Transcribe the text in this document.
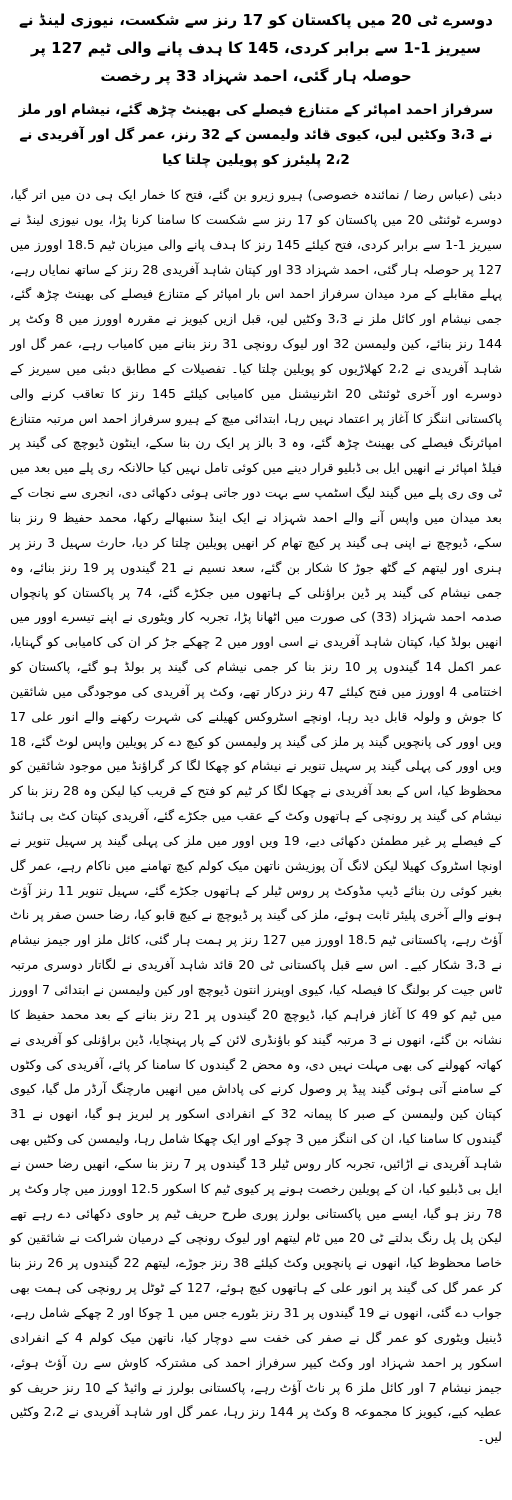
دوسرے ٹی 20 میں پاکستان کو 17 رنز سے شکست، نیوزی لینڈ نے سیریز 1-1 سے برابر کردی، 145 کا ہدف پانے والی ٹیم 127 پر حوصلہ ہار گئی، احمد شہزاد 33 پر رخصت
سرفراز احمد امپائر کے متنازع فیصلے کی بھینٹ چڑھ گئے، نیشام اور ملز نے 3،3 وکٹیں لیں، کیوی قائد ولیمسن کے 32 رنز، عمر گل اور آفریدی نے 2،2 پلیئرز کو پویلین چلتا کیا

دبئی (عباس رضا / نمائندہ خصوصی) ہیرو زیرو بن گئے، فتح کا خمار ایک ہی دن میں اتر گیا، دوسرے ٹوئنٹی 20 میں پاکستان کو 17 رنز سے شکست کا سامنا کرنا پڑا، یوں نیوزی لینڈ نے سیریز 1-1 سے برابر کردی، فتح کیلئے 145 رنز کا ہدف پانے والی میزبان ٹیم 18.5 اوورز میں 127 پر حوصلہ ہار گئی، احمد شہزاد 33 اور کپتان شاہد آفریدی 28 رنز کے ساتھ نمایاں رہے، پہلے مقابلے کے مرد میدان سرفراز احمد اس بار امپائر کے متنازع فیصلے کی بھینٹ چڑھ گئے، جمی نیشام اور کائل ملز نے 3،3 وکٹیں لیں، قبل ازیں کیویز نے مقررہ اوورز میں 8 وکٹ پر 144 رنز بنائے، کین ولیمسن 32 اور لیوک رونچی 31 رنز بنانے میں کامیاب رہے، عمر گل اور شاہد آفریدی نے 2،2 کھلاڑیوں کو پویلین چلتا کیا۔ تفصیلات کے مطابق دبئی میں سیریز کے دوسرے اور آخری ٹوئنٹی 20 انٹرنیشنل میں کامیابی کیلئے 145 رنز کا تعاقب کرنے والی پاکستانی اننگز کا آغاز پر اعتماد نہیں رہا، ابتدائی میچ کے ہیرو سرفراز احمد اس مرتبہ متنازع امپائرنگ فیصلے کی بھینٹ چڑھ گئے، وہ 3 بالز پر ایک رن بنا سکے، اینٹون ڈیوچچ کی گیند پر فیلڈ امپائر نے انھیں ایل بی ڈبلیو قرار دینے میں کوئی تامل نہیں کیا حالانکہ ری پلے میں بعد میں ٹی وی ری پلے میں گیند لیگ اسٹمپ سے بہت دور جاتی ہوئی دکھائی دی، انجری سے نجات کے بعد میدان میں واپس آنے والے احمد شہزاد نے ایک اینڈ سنبھالے رکھا، محمد حفیظ 9 رنز بنا سکے، ڈیوچچ نے اپنی ہی گیند پر کیچ تھام کر انھیں پویلین چلتا کر دیا، حارث سہیل 3 رنز پر ہنری اور لیتھم کے گٹھ جوڑ کا شکار بن گئے، سعد نسیم نے 21 گیندوں پر 19 رنز بنائے، وہ جمی نیشام کی گیند پر ڈین براؤنلی کے ہاتھوں میں جکڑے گئے، 74 پر پاکستان کو پانچواں صدمہ احمد شہزاد (33) کی صورت میں اٹھانا پڑا، تجربہ کار ویٹوری نے اپنے تیسرے اوور میں انھیں بولڈ کیا، کپتان شاہد آفریدی نے اسی اوور میں 2 چھکے جڑ کر ان کی کامیابی کو گہنایا، عمر اکمل 14 گیندوں پر 10 رنز بنا کر جمی نیشام کی گیند پر بولڈ ہو گئے، پاکستان کو اختتامی 4 اوورز میں فتح کیلئے 47 رنز درکار تھے، وکٹ پر آفریدی کی موجودگی میں شائقین کا جوش و ولولہ قابل دید رہا، اونچے اسٹروکس کھیلنے کی شہرت رکھنے والے انور علی 17 ویں اوور کی پانچویں گیند پر ملز کی گیند پر ولیمسن کو کیچ دے کر پویلین واپس لوٹ گئے، 18 ویں اوور کی پہلی گیند پر سہیل تنویر نے نیشام کو چھکا لگا کر گراؤنڈ میں موجود شائقین کو محظوظ کیا، اس کے بعد آفریدی نے چھکا لگا کر ٹیم کو فتح کے قریب کیا لیکن وہ 28 رنز بنا کر نیشام کی گیند پر رونچی کے ہاتھوں وکٹ کے عقب میں جکڑے گئے، آفریدی کپتان کٹ بی ہائنڈ کے فیصلے پر غیر مطمئن دکھائی دیے، 19 ویں اوور میں ملز کی پہلی گیند پر سہیل تنویر نے اونچا اسٹروک کھیلا لیکن لانگ آن پوزیشن ناتھن میک کولم کیچ تھامنے میں ناکام رہے، عمر گل بغیر کوئی رن بنائے ڈیپ مڈوکٹ پر روس ٹیلر کے ہاتھوں جکڑے گئے، سہیل تنویر 11 رنز آؤٹ ہونے والے آخری پلیئر ثابت ہوئے، ملز کی گیند پر ڈیوچچ نے کیچ قابو کیا، رضا حسن صفر پر ناٹ آؤٹ رہے، پاکستانی ٹیم 18.5 اوورز میں 127 رنز پر ہمت ہار گئی، کائل ملز اور جیمز نیشام نے 3،3 شکار کیے۔ اس سے قبل پاکستانی ٹی 20 قائد شاہد آفریدی نے لگاتار دوسری مرتبہ ٹاس جیت کر بولنگ کا فیصلہ کیا، کیوی اوپنرز انتون ڈیوچچ اور کین ولیمسن نے ابتدائی 7 اوورز میں ٹیم کو 49 کا آغاز فراہم کیا، ڈیوچچ 20 گیندوں پر 21 رنز بنانے کے بعد محمد حفیظ کا نشانہ بن گئے، انھوں نے 3 مرتبہ گیند کو باؤنڈری لائن کے پار پہنچایا، ڈین براؤنلی کو آفریدی نے کھاتہ کھولنے کی بھی مہلت نہیں دی، وہ محض 2 گیندوں کا سامنا کر پائے، آفریدی کی وکٹوں کے سامنے آتی ہوئی گیند پیڈ پر وصول کرنے کی پاداش میں انھیں مارچنگ آرڈر مل گیا، کیوی کپتان کین ولیمسن کے صبر کا پیمانہ 32 کے انفرادی اسکور پر لبریز ہو گیا، انھوں نے 31 گیندوں کا سامنا کیا، ان کی اننگز میں 3 چوکے اور ایک چھکا شامل رہا، ولیمسن کی وکٹیں بھی شاہد آفریدی نے اڑائیں، تجربہ کار روس ٹیلر 13 گیندوں پر 7 رنز بنا سکے، انھیں رضا حسن نے ایل بی ڈبلیو کیا، ان کے پویلین رخصت ہونے پر کیوی ٹیم کا اسکور 12.5 اوورز میں چار وکٹ پر 78 رنز ہو گیا، ایسے میں پاکستانی بولرز پوری طرح حریف ٹیم پر حاوی دکھائی دے رہے تھے لیکن پل پل رنگ بدلتے ٹی 20 میں ٹام لیتھم اور لیوک رونچی کے درمیان شراکت نے شائقین کو خاصا محظوظ کیا، انھوں نے پانچویں وکٹ کیلئے 38 رنز جوڑے، لیتھم 22 گیندوں پر 26 رنز بنا کر عمر گل کی گیند پر انور علی کے ہاتھوں کیچ ہوئے، 127 کے ٹوٹل پر رونچی کی ہمت بھی جواب دے گئی، انھوں نے 19 گیندوں پر 31 رنز بٹورے جس میں 1 چوکا اور 2 چھکے شامل رہے، ڈینیل ویٹوری کو عمر گل نے صفر کی خفت سے دوچار کیا، ناتھن میک کولم 4 کے انفرادی اسکور پر احمد شہزاد اور وکٹ کیپر سرفراز احمد کی مشترکہ کاوش سے رن آؤٹ ہوئے، جیمز نیشام 7 اور کائل ملز 6 پر ناٹ آؤٹ رہے، پاکستانی بولرز نے وائیڈ کے 10 رنز حریف کو عطیہ کیے، کیویز کا مجموعہ 8 وکٹ پر 144 رنز رہا، عمر گل اور شاہد آفریدی نے 2،2 وکٹیں لیں۔
